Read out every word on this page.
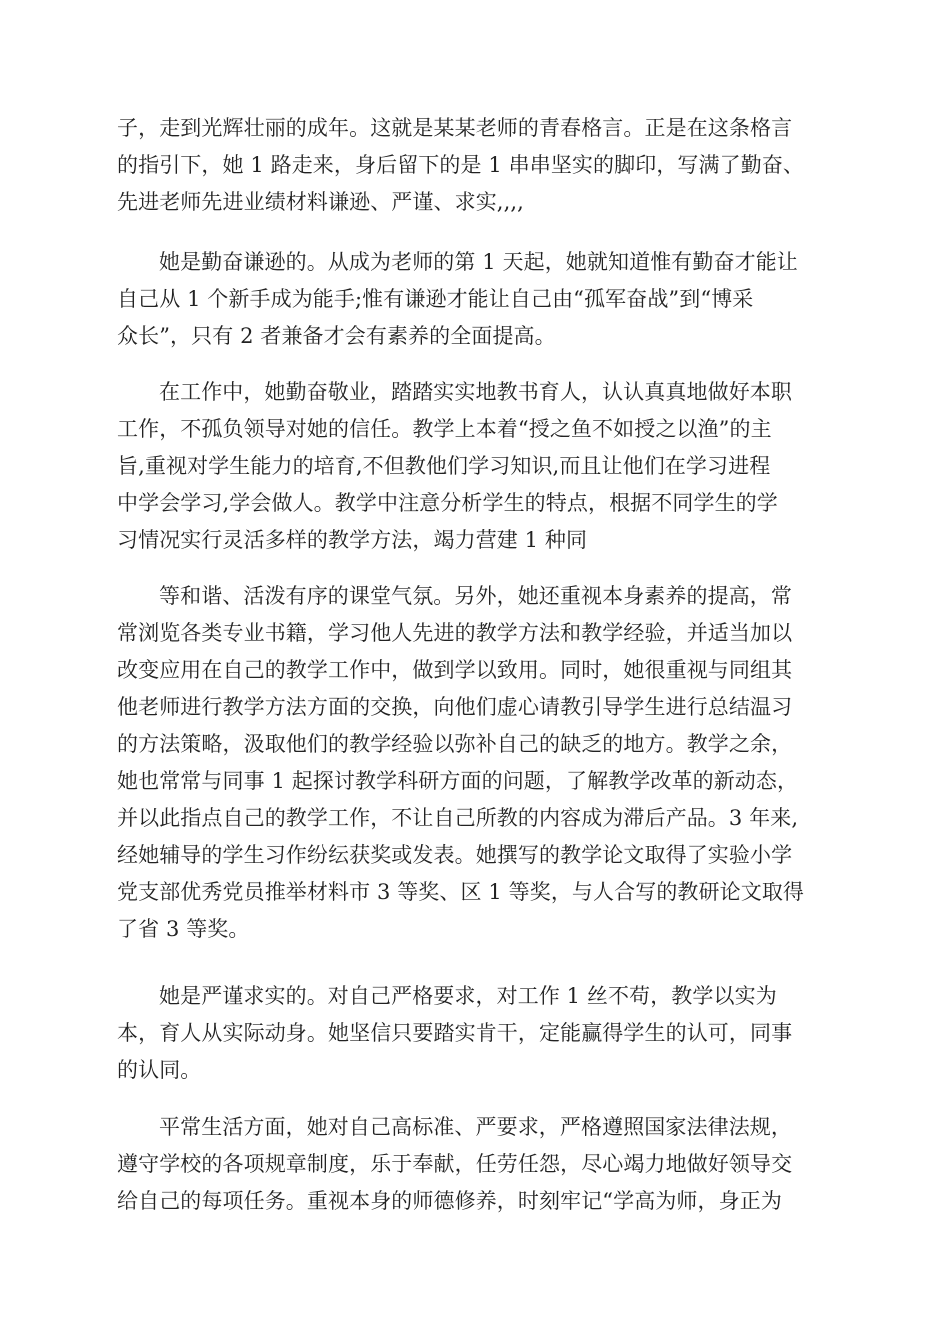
子，走到光辉壮丽的成年。这就是某某老师的青春格言。正是在这条格言
的指引下，她 1 路走来，身后留下的是 1 串串坚实的脚印，写满了勤奋、
先进老师先进业绩材料谦逊、严谨、求实,,,,
她是勤奋谦逊的。从成为老师的第 1 天起，她就知道惟有勤奋才能让
自己从 1 个新手成为能手;惟有谦逊才能让自己由“孤军奋战”到“博采
众长”，只有 2 者兼备才会有素养的全面提高。
在工作中，她勤奋敬业，踏踏实实地教书育人，认认真真地做好本职
工作，不孤负领导对她的信任。教学上本着“授之鱼不如授之以渔”的主
旨,重视对学生能力的培育,不但教他们学习知识,而且让他们在学习进程
中学会学习,学会做人。教学中注意分析学生的特点，根据不同学生的学
习情况实行灵活多样的教学方法，竭力营建 1 种同
等和谐、活泼有序的课堂气氛。另外，她还重视本身素养的提高，常
常浏览各类专业书籍，学习他人先进的教学方法和教学经验，并适当加以
改变应用在自己的教学工作中，做到学以致用。同时，她很重视与同组其
他老师进行教学方法方面的交换，向他们虚心请教引导学生进行总结温习
的方法策略，汲取他们的教学经验以弥补自己的缺乏的地方。教学之余，
她也常常与同事 1 起探讨教学科研方面的问题，了解教学改革的新动态，
并以此指点自己的教学工作，不让自己所教的内容成为滞后产品。3 年来,
经她辅导的学生习作纷纭获奖或发表。她撰写的教学论文取得了实验小学
党支部优秀党员推举材料市 3 等奖、区 1 等奖，与人合写的教研论文取得
了省 3 等奖。
她是严谨求实的。对自己严格要求，对工作 1 丝不苟，教学以实为
本，育人从实际动身。她坚信只要踏实肯干，定能赢得学生的认可，同事
的认同。
平常生活方面，她对自己高标准、严要求，严格遵照国家法律法规，
遵守学校的各项规章制度，乐于奉献，任劳任怨，尽心竭力地做好领导交
给自己的每项任务。重视本身的师德修养，时刻牢记“学高为师，身正为
